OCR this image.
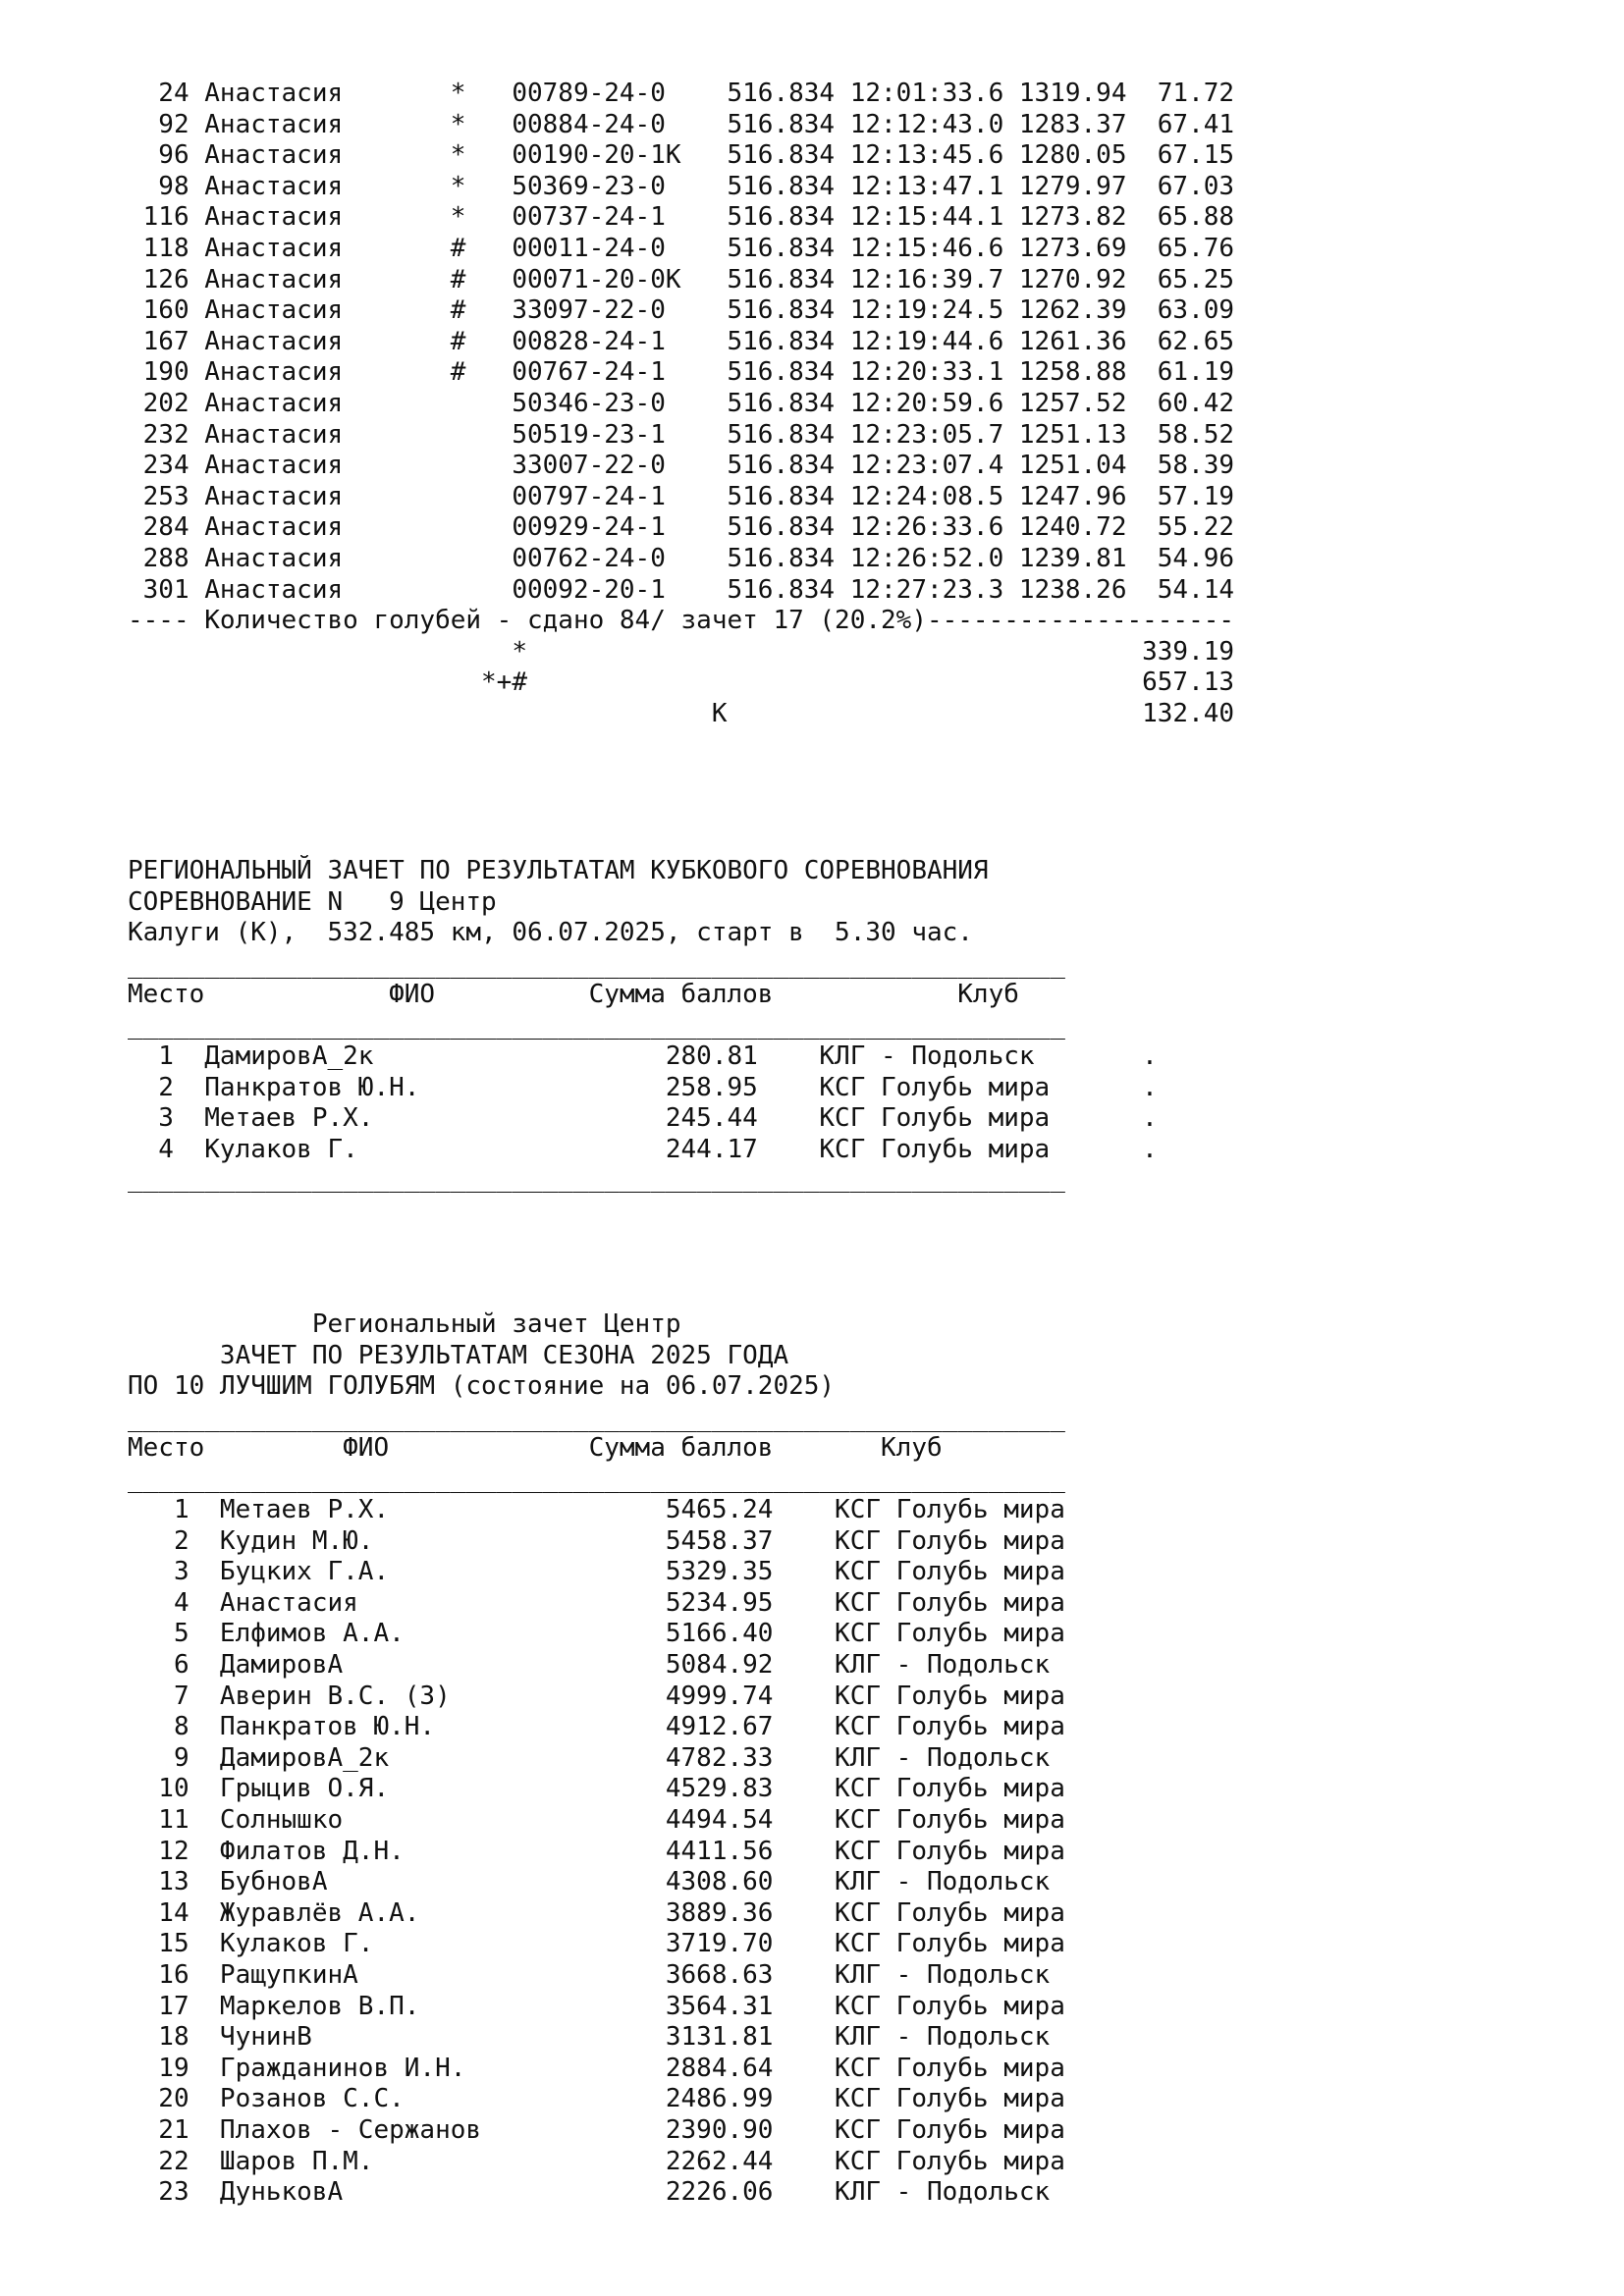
24 Анастасия       *   00789-24-0    516.834 12:01:33.6 1319.94  71.72
92 Анастасия       *   00884-24-0    516.834 12:12:43.0 1283.37  67.41
96 Анастасия       *   00190-20-1К   516.834 12:13:45.6 1280.05  67.15
98 Анастасия       *   50369-23-0    516.834 12:13:47.1 1279.97  67.03
116 Анастасия       *   00737-24-1    516.834 12:15:44.1 1273.82  65.88
118 Анастасия       #   00011-24-0    516.834 12:15:46.6 1273.69  65.76
126 Анастасия       #   00071-20-0К   516.834 12:16:39.7 1270.92  65.25
160 Анастасия       #   33097-22-0    516.834 12:19:24.5 1262.39  63.09
167 Анастасия       #   00828-24-1    516.834 12:19:44.6 1261.36  62.65
190 Анастасия       #   00767-24-1    516.834 12:20:33.1 1258.88  61.19
202 Анастасия           50346-23-0    516.834 12:20:59.6 1257.52  60.42
232 Анастасия           50519-23-1    516.834 12:23:05.7 1251.13  58.52
234 Анастасия           33007-22-0    516.834 12:23:07.4 1251.04  58.39
253 Анастасия           00797-24-1    516.834 12:24:08.5 1247.96  57.19
284 Анастасия           00929-24-1    516.834 12:26:33.6 1240.72  55.22
288 Анастасия           00762-24-0    516.834 12:26:52.0 1239.81  54.96
301 Анастасия           00092-20-1    516.834 12:27:23.3 1238.26  54.14
---- Количество голубей - сдано 84/ зачет 17 (20.2%)--------------------
*                                        339.19
*+#                                        657.13
К                           132.40
РЕГИОНАЛЬНЫЙ ЗАЧЕТ ПО РЕЗУЛЬТАТАМ КУБКОВОГО СОРЕВНОВАНИЯ
СОРЕВНОВАНИЕ N   9 Центр
Калуги (К),  532.485 км, 06.07.2025, старт в  5.30 час.
_____________________________________________________________
Место            ФИО          Сумма баллов            Клуб
_____________________________________________________________
1  ДамировА_2к                   280.81    КЛГ - Подольск       .
2  Панкратов Ю.Н.                258.95    КСГ Голубь мира      .
3  Метаев Р.Х.                   245.44    КСГ Голубь мира      .
4  Кулаков Г.                    244.17    КСГ Голубь мира      .
_____________________________________________________________
Региональный зачет Центр
ЗАЧЕТ ПО РЕЗУЛЬТАТАМ СЕЗОНА 2025 ГОДА
ПО 10 ЛУЧШИМ ГОЛУБЯМ (состояние на 06.07.2025)
_____________________________________________________________
Место         ФИО             Сумма баллов       Клуб
_____________________________________________________________
1  Метаев Р.Х.                  5465.24    КСГ Голубь мира
2  Кудин М.Ю.                   5458.37    КСГ Голубь мира
3  Буцких Г.А.                  5329.35    КСГ Голубь мира
4  Анастасия                    5234.95    КСГ Голубь мира
5  Елфимов А.А.                 5166.40    КСГ Голубь мира
6  ДамировА                     5084.92    КЛГ - Подольск
7  Аверин В.С. (З)              4999.74    КСГ Голубь мира
8  Панкратов Ю.Н.               4912.67    КСГ Голубь мира
9  ДамировА_2к                  4782.33    КЛГ - Подольск
10  Грыцив О.Я.                  4529.83    КСГ Голубь мира
11  Солнышко                     4494.54    КСГ Голубь мира
12  Филатов Д.Н.                 4411.56    КСГ Голубь мира
13  БубновА                      4308.60    КЛГ - Подольск
14  Журавлёв А.А.                3889.36    КСГ Голубь мира
15  Кулаков Г.                   3719.70    КСГ Голубь мира
16  РащупкинА                    3668.63    КЛГ - Подольск
17  Маркелов В.П.                3564.31    КСГ Голубь мира
18  ЧунинВ                       3131.81    КЛГ - Подольск
19  Гражданинов И.Н.             2884.64    КСГ Голубь мира
20  Розанов С.С.                 2486.99    КСГ Голубь мира
21  Плахов - Сержанов            2390.90    КСГ Голубь мира
22  Шаров П.М.                   2262.44    КСГ Голубь мира
23  ДуньковА                     2226.06    КЛГ - Подольск
